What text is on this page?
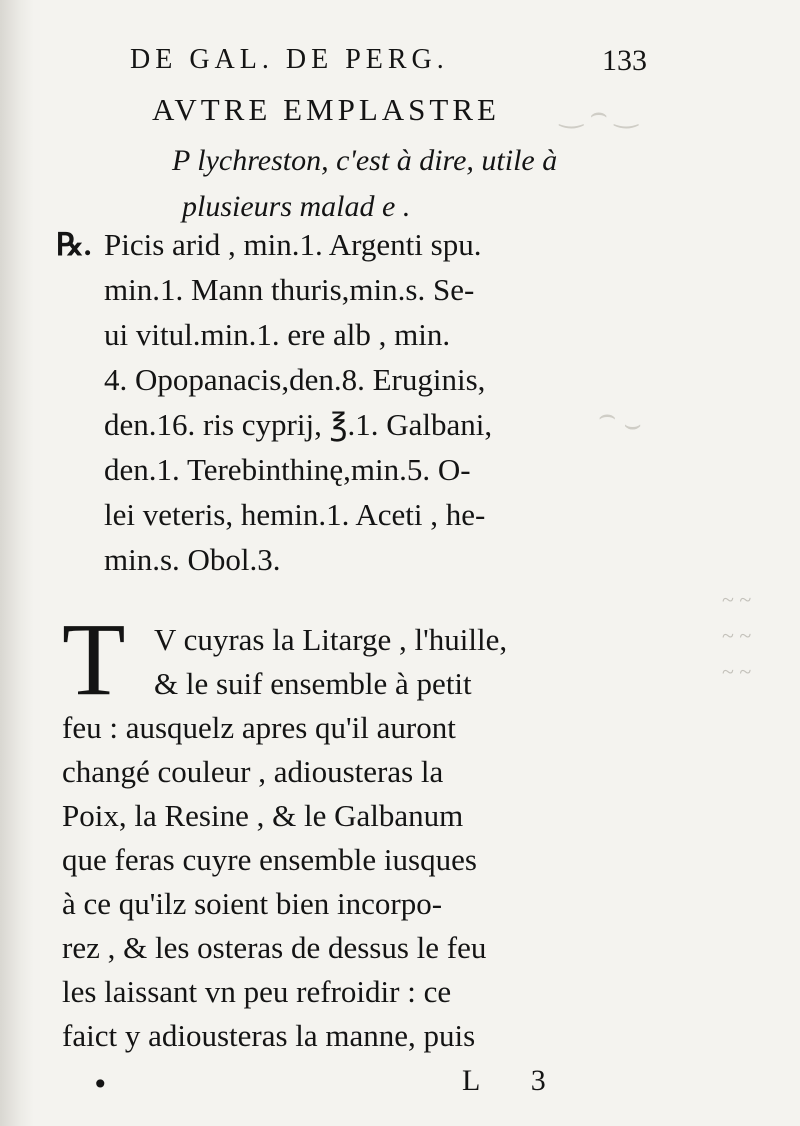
‿ ⌢ ‿
⌢ ‿
~ ~
~ ~
~ ~
DE GAL. DE PERG.	133
AVTRE EMPLASTRE
P lychreston, c'est à dire, utile à
plusieurs malad e .
℞. Picis arid , min.1. Argenti spu.
min.1. Mann thuris,min.s. Se-
ui vitul.min.1. ere alb , min.
4. Opopanacis,den.8. Eruginis,
den.16. ris cyprij, ℥.1. Galbani,
den.1. Terebinthinę,min.5. O-
lei veteris, hemin.1. Aceti , he-
min.s. Obol.3.
T V cuyras la Litarge , l'huille,
& le suif ensemble à petit
feu : ausquelz apres qu'il auront
changé couleur , adiousteras la
Poix, la Resine , & le Galbanum
que feras cuyre ensemble iusques
à ce qu'ilz soient bien incorpo-
rez , & les osteras de dessus le feu
les laissant vn peu refroidir : ce
faict y adiousteras la manne, puis
•	L 3
